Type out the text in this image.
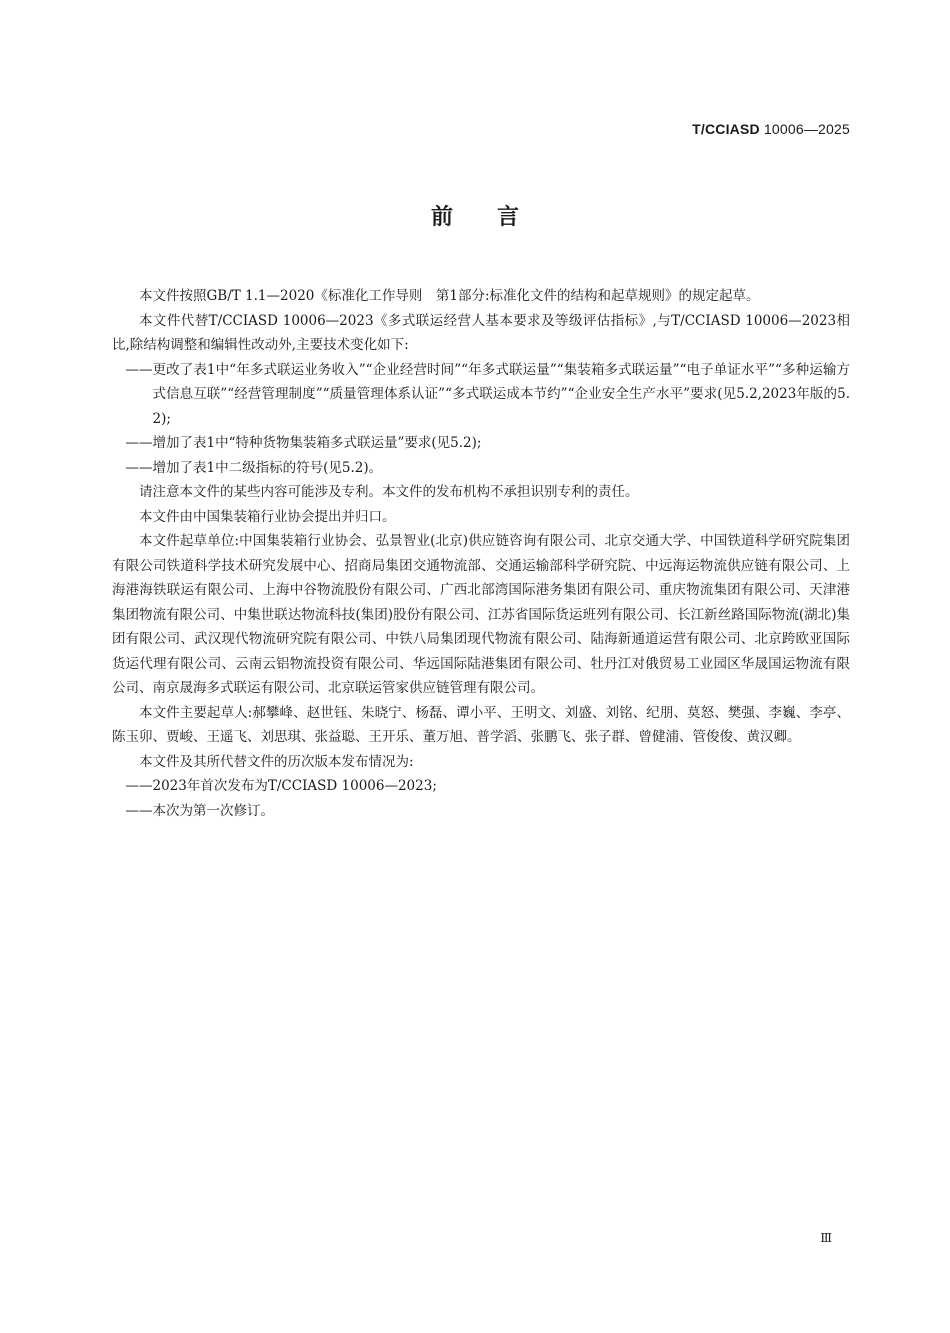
T/CCIASD 10006—2025
前言

本文件按照GB/T 1.1—2020《标准化工作导则　第1部分:标准化文件的结构和起草规则》的规定起草。

本文件代替T/CCIASD 10006—2023《多式联运经营人基本要求及等级评估指标》,与T/CCIASD 10006—2023相比,除结构调整和编辑性改动外,主要技术变化如下:

—— 更改了表1中“年多式联运业务收入”“企业经营时间”“年多式联运量”“集装箱多式联运量”“电子单证水平”“多种运输方式信息互联”“经营管理制度”“质量管理体系认证”“多式联运成本节约”“企业安全生产水平”要求(见5.2,2023年版的5.2);

—— 增加了表1中“特种货物集装箱多式联运量”要求(见5.2);

—— 增加了表1中二级指标的符号(见5.2)。

请注意本文件的某些内容可能涉及专利。本文件的发布机构不承担识别专利的责任。

本文件由中国集装箱行业协会提出并归口。

本文件起草单位:中国集装箱行业协会、弘景智业(北京)供应链咨询有限公司、北京交通大学、中国铁道科学研究院集团有限公司铁道科学技术研究发展中心、招商局集团交通物流部、交通运输部科学研究院、中远海运物流供应链有限公司、上海港海铁联运有限公司、上海中谷物流股份有限公司、广西北部湾国际港务集团有限公司、重庆物流集团有限公司、天津港集团物流有限公司、中集世联达物流科技(集团)股份有限公司、江苏省国际货运班列有限公司、长江新丝路国际物流(湖北)集团有限公司、武汉现代物流研究院有限公司、中铁八局集团现代物流有限公司、陆海新通道运营有限公司、北京跨欧亚国际货运代理有限公司、云南云铝物流投资有限公司、华远国际陆港集团有限公司、牡丹江对俄贸易工业园区华晟国运物流有限公司、南京晟海多式联运有限公司、北京联运管家供应链管理有限公司。

本文件主要起草人:郝攀峰、赵世钰、朱晓宁、杨磊、谭小平、王明文、刘盛、刘铭、纪朋、莫怒、樊强、李巍、李亭、陈玉卯、贾峻、王遥飞、刘思琪、张益聪、王开乐、董万旭、普学滔、张鹏飞、张子群、曾健浦、管俊俊、黄汉卿。

本文件及其所代替文件的历次版本发布情况为:

—— 2023年首次发布为T/CCIASD 10006—2023;

—— 本次为第一次修订。

Ⅲ
